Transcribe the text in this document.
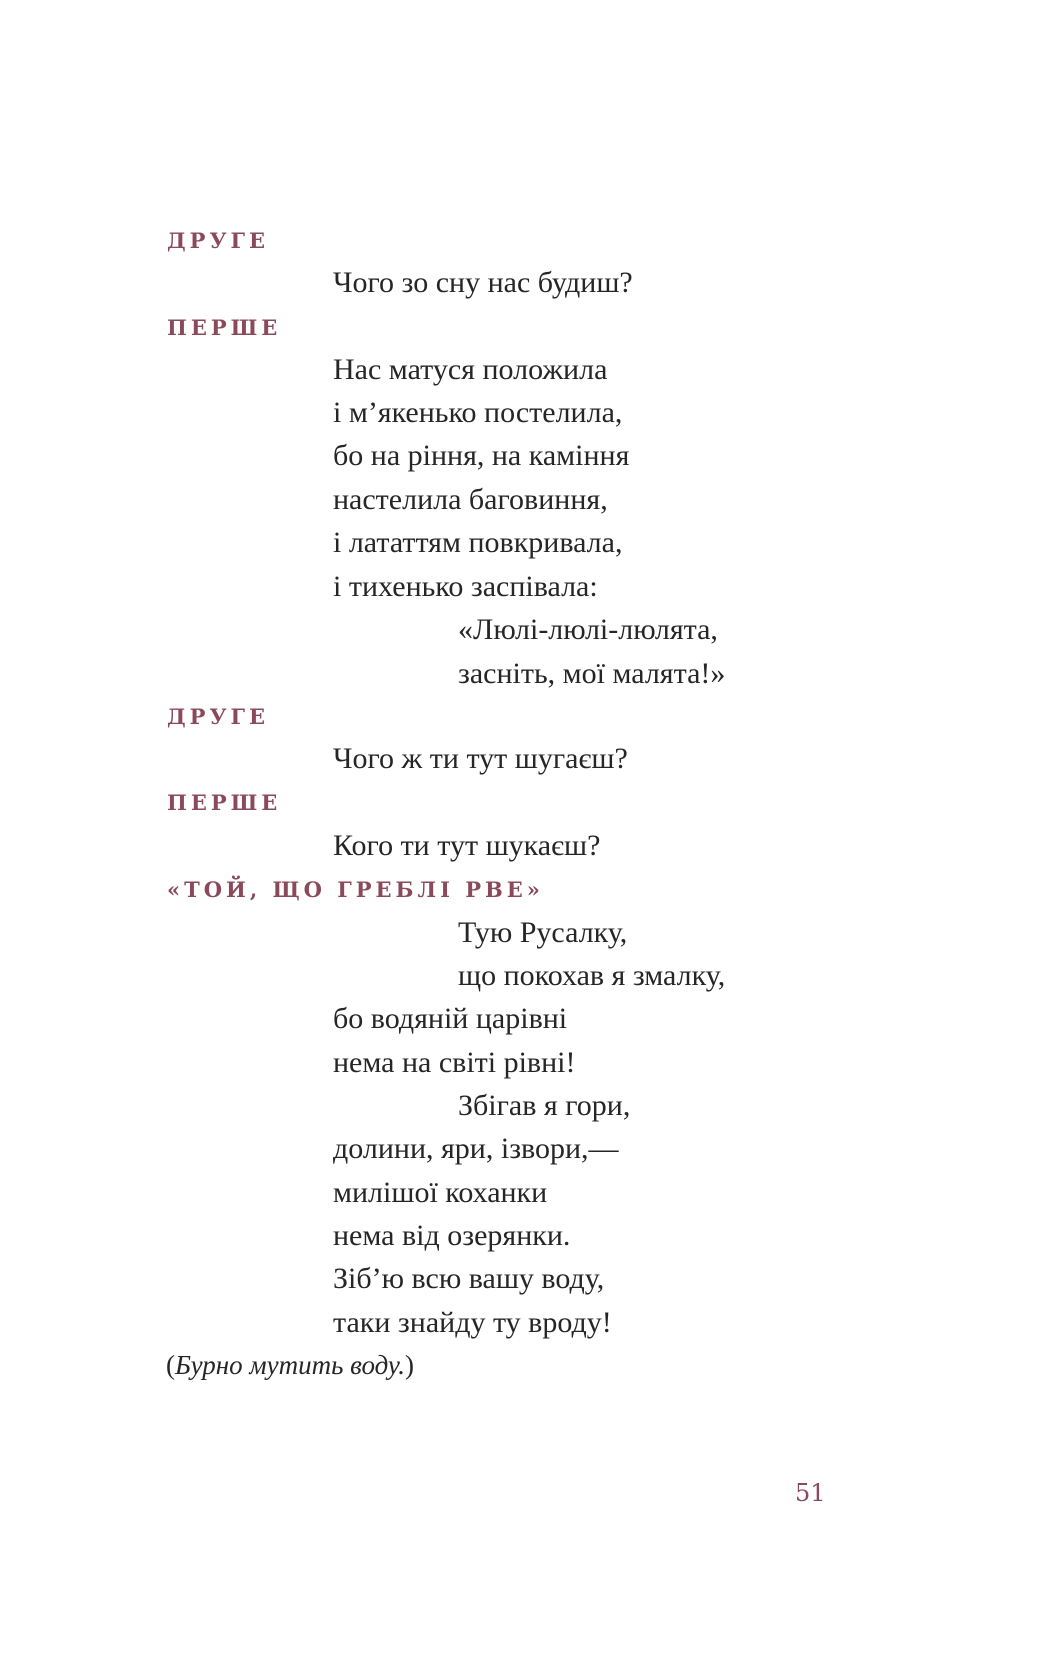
ДРУГЕ
Чого зо сну нас будиш?
ПЕРШЕ
Нас матуся положила
і м’якенько постелила,
бо на ріння, на каміння
настелила баговиння,
і лататтям повкривала,
і тихенько заспівала:
«Люлі-люлі-люлята,
засніть, мої малята!»
ДРУГЕ
Чого ж ти тут шугаєш?
ПЕРШЕ
Кого ти тут шукаєш?
«ТОЙ, ЩО ГРЕБЛІ РВЕ»
Тую Русалку,
що покохав я змалку,
бо водяній царівні
нема на світі рівні!
Збігав я гори,
долини, яри, ізвори,—
милішої коханки
нема від озерянки.
Зіб’ю всю вашу воду,
таки знайду ту вроду!
(Бурно мутить воду.)
51
